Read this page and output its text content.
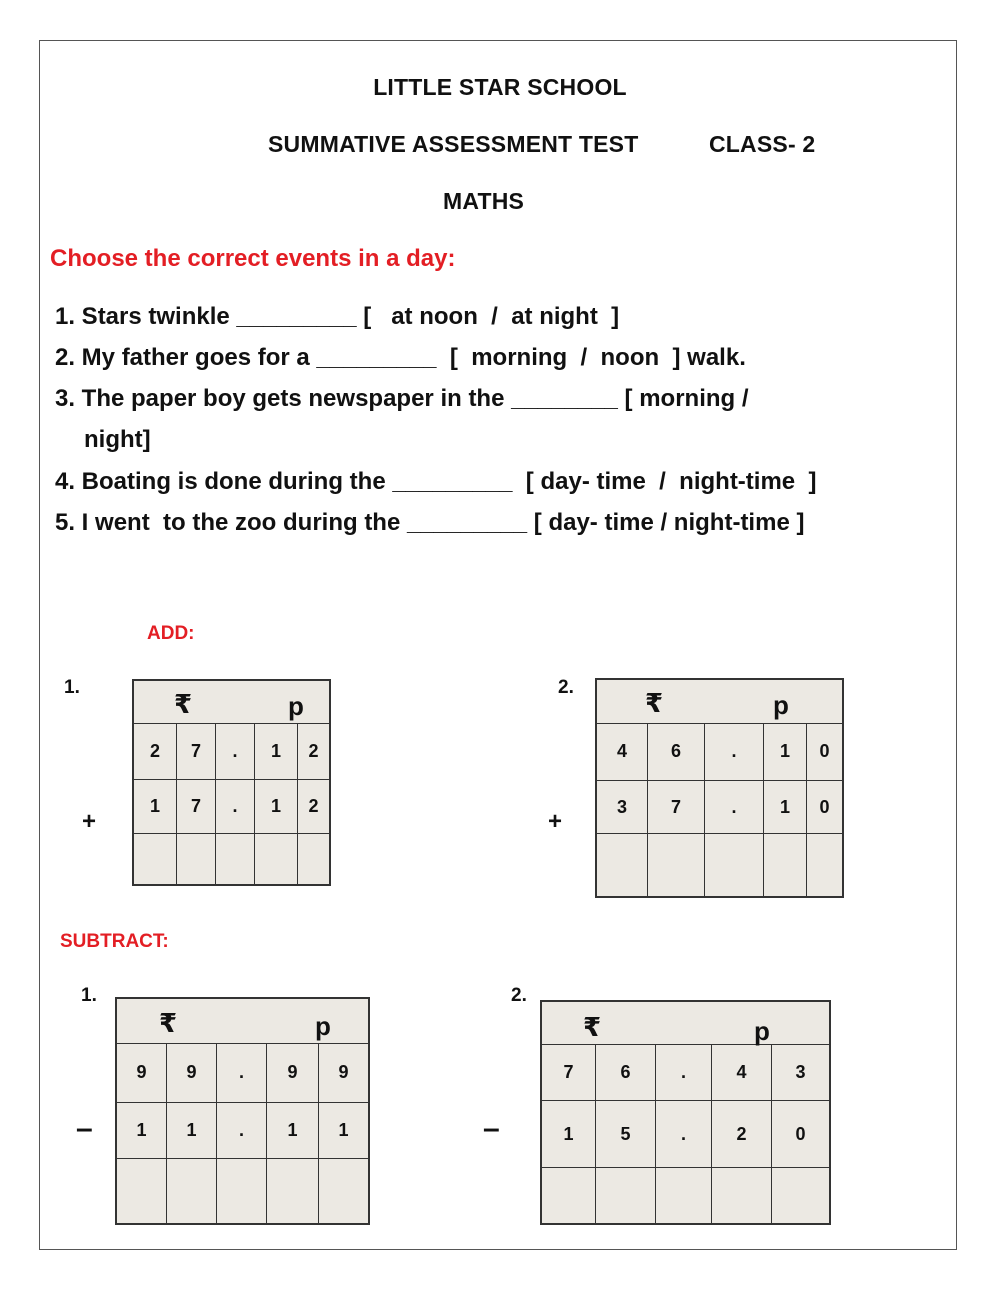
LITTLE STAR SCHOOL
SUMMATIVE ASSESSMENT TEST	CLASS- 2
MATHS
Choose the correct events in a day:
1. Stars twinkle _________ [   at noon  /  at night  ]
2. My father goes for a _________  [  morning  /  noon  ] walk.
3. The paper boy gets newspaper in the ________ [ morning /
night]
4. Boating is done during the _________  [ day- time  /  night-time  ]
5. I went  to the zoo during the _________ [ day- time / night-time ]
ADD:
1.
+
₹	p
2	7	.	1	2
1	7	.	1	2
2.
+
₹	p
4	6	.	1	0
3	7	.	1	0
SUBTRACT:
1.
–
₹	p
9	9	.	9	9
1	1	.	1	1
2.
–
₹	p
7	6	.	4	3
1	5	.	2	0
